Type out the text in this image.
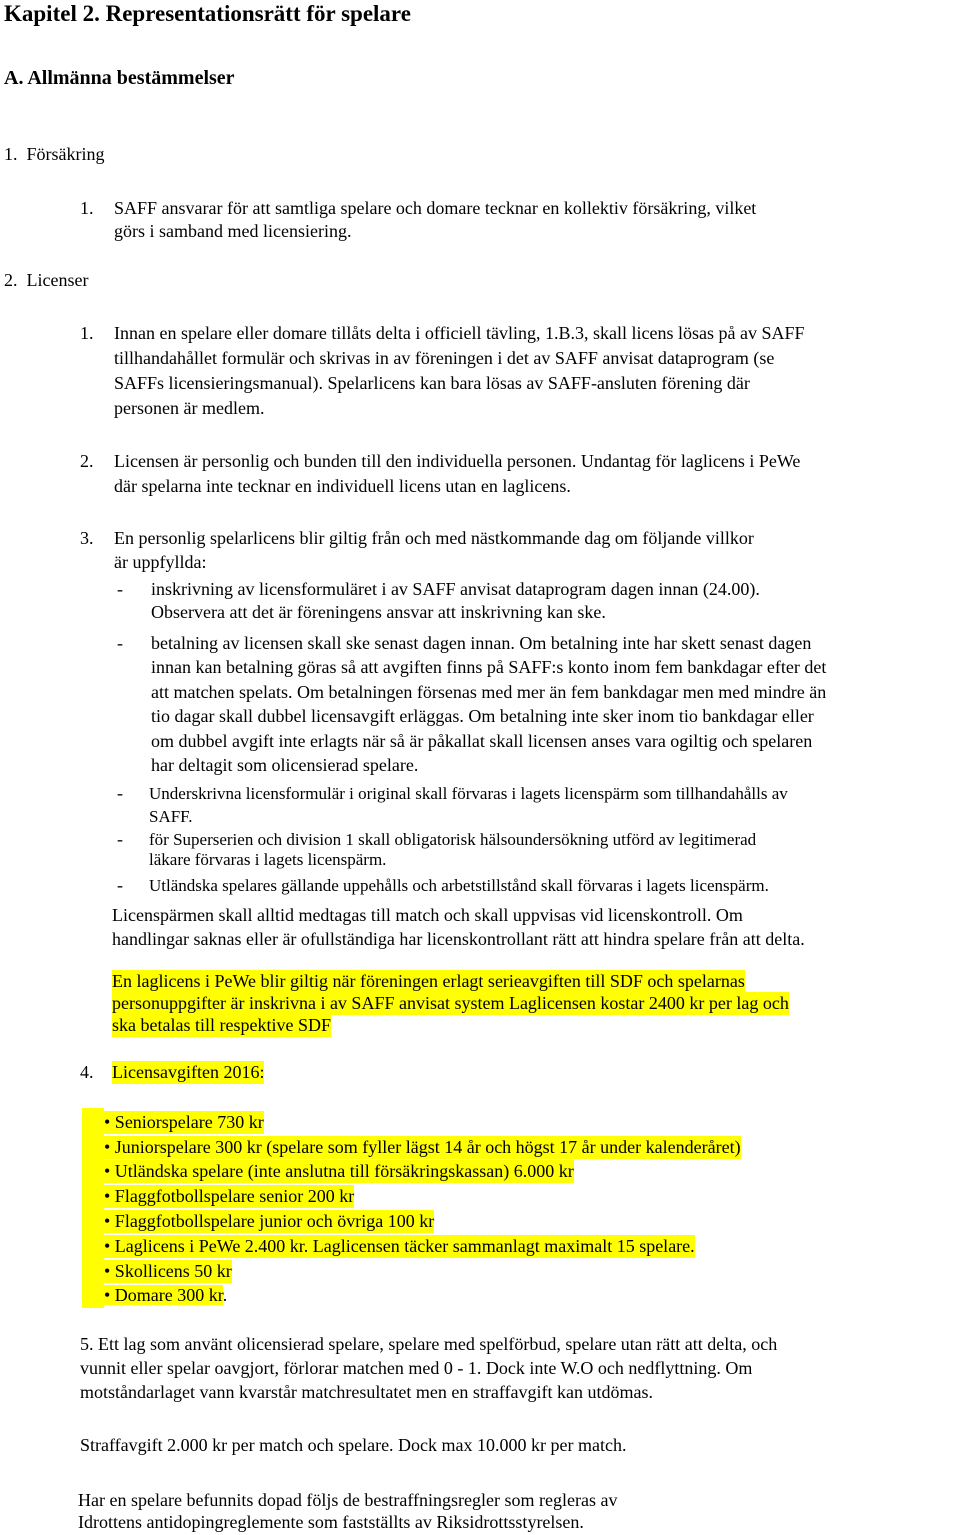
Kapitel 2. Representationsrätt för spelare
A. Allmänna bestämmelser
1.  Försäkring
1. SAFF ansvarar för att samtliga spelare och domare tecknar en kollektiv försäkring, vilket
görs i samband med licensiering.
2.  Licenser
1. Innan en spelare eller domare tillåts delta i officiell tävling, 1.B.3, skall licens lösas på av SAFF
tillhandahållet formulär och skrivas in av föreningen i det av SAFF anvisat dataprogram (se
SAFFs licensieringsmanual). Spelarlicens kan bara lösas av SAFF-ansluten förening där
personen är medlem.
2. Licensen är personlig och bunden till den individuella personen. Undantag för laglicens i PeWe
där spelarna inte tecknar en individuell licens utan en laglicens.
3. En personlig spelarlicens blir giltig från och med nästkommande dag om följande villkor
är uppfyllda:
- inskrivning av licensformuläret i av SAFF anvisat dataprogram dagen innan (24.00).
Observera att det är föreningens ansvar att inskrivning kan ske.
- betalning av licensen skall ske senast dagen innan. Om betalning inte har skett senast dagen
innan kan betalning göras så att avgiften finns på SAFF:s konto inom fem bankdagar efter det
att matchen spelats. Om betalningen försenas med mer än fem bankdagar men med mindre än
tio dagar skall dubbel licensavgift erläggas. Om betalning inte sker inom tio bankdagar eller
om dubbel avgift inte erlagts när så är påkallat skall licensen anses vara ogiltig och spelaren
har deltagit som olicensierad spelare.
- Underskrivna licensformulär i original skall förvaras i lagets licenspärm som tillhandahålls av
SAFF.
- för Superserien och division 1 skall obligatorisk hälsoundersökning utförd av legitimerad
läkare förvaras i lagets licenspärm.
- Utländska spelares gällande uppehålls och arbetstillstånd skall förvaras i lagets licenspärm.
Licenspärmen skall alltid medtagas till match och skall uppvisas vid licenskontroll. Om
handlingar saknas eller är ofullständiga har licenskontrollant rätt att hindra spelare från att delta.
En laglicens i PeWe blir giltig när föreningen erlagt serieavgiften till SDF och spelarnas
personuppgifter är inskrivna i av SAFF anvisat system Laglicensen kostar 2400 kr per lag och
ska betalas till respektive SDF
4. Licensavgiften 2016:
• Seniorspelare 730 kr
• Juniorspelare 300 kr (spelare som fyller lägst 14 år och högst 17 år under kalenderåret)
• Utländska spelare (inte anslutna till försäkringskassan) 6.000 kr
• Flaggfotbollspelare senior 200 kr
• Flaggfotbollspelare junior och övriga 100 kr
• Laglicens i PeWe 2.400 kr. Laglicensen täcker sammanlagt maximalt 15 spelare.
• Skollicens 50 kr
• Domare 300 kr.
5. Ett lag som använt olicensierad spelare, spelare med spelförbud, spelare utan rätt att delta, och
vunnit eller spelar oavgjort, förlorar matchen med 0 - 1. Dock inte W.O och nedflyttning. Om
motståndarlaget vann kvarstår matchresultatet men en straffavgift kan utdömas.
Straffavgift 2.000 kr per match och spelare. Dock max 10.000 kr per match.
Har en spelare befunnits dopad följs de bestraffningsregler som regleras av
Idrottens antidopingreglemente som fastställts av Riksidrottsstyrelsen.
